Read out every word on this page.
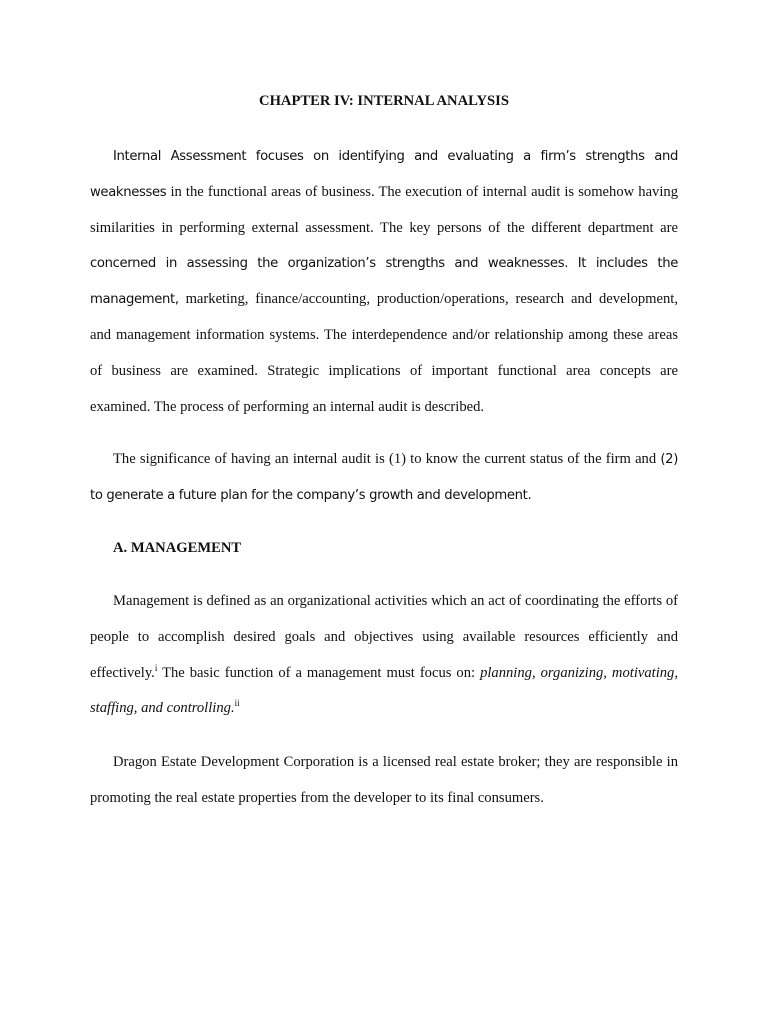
CHAPTER IV: INTERNAL ANALYSIS

Internal Assessment focuses on identifying and evaluating a firm’s strengths and weaknesses in the functional areas of business. The execution of internal audit is somehow having similarities in performing external assessment. The key persons of the different department are concerned in assessing the organization’s strengths and weaknesses. It includes the management, marketing, finance/accounting, production/operations, research and development, and management information systems. The interdependence and/or relationship among these areas of business are examined. Strategic implications of important functional area concepts are examined. The process of performing an internal audit is described.

The significance of having an internal audit is (1) to know the current status of the firm and (2) to generate a future plan for the company’s growth and development.

A. MANAGEMENT

Management is defined as an organizational activities which an act of coordinating the efforts of people to accomplish desired goals and objectives using available resources efficiently and effectively.$^i$ The basic function of a management must focus on: planning, organizing, motivating, staffing, and controlling.$^{ii}$

Dragon Estate Development Corporation is a licensed real estate broker; they are responsible in promoting the real estate properties from the developer to its final consumers.
